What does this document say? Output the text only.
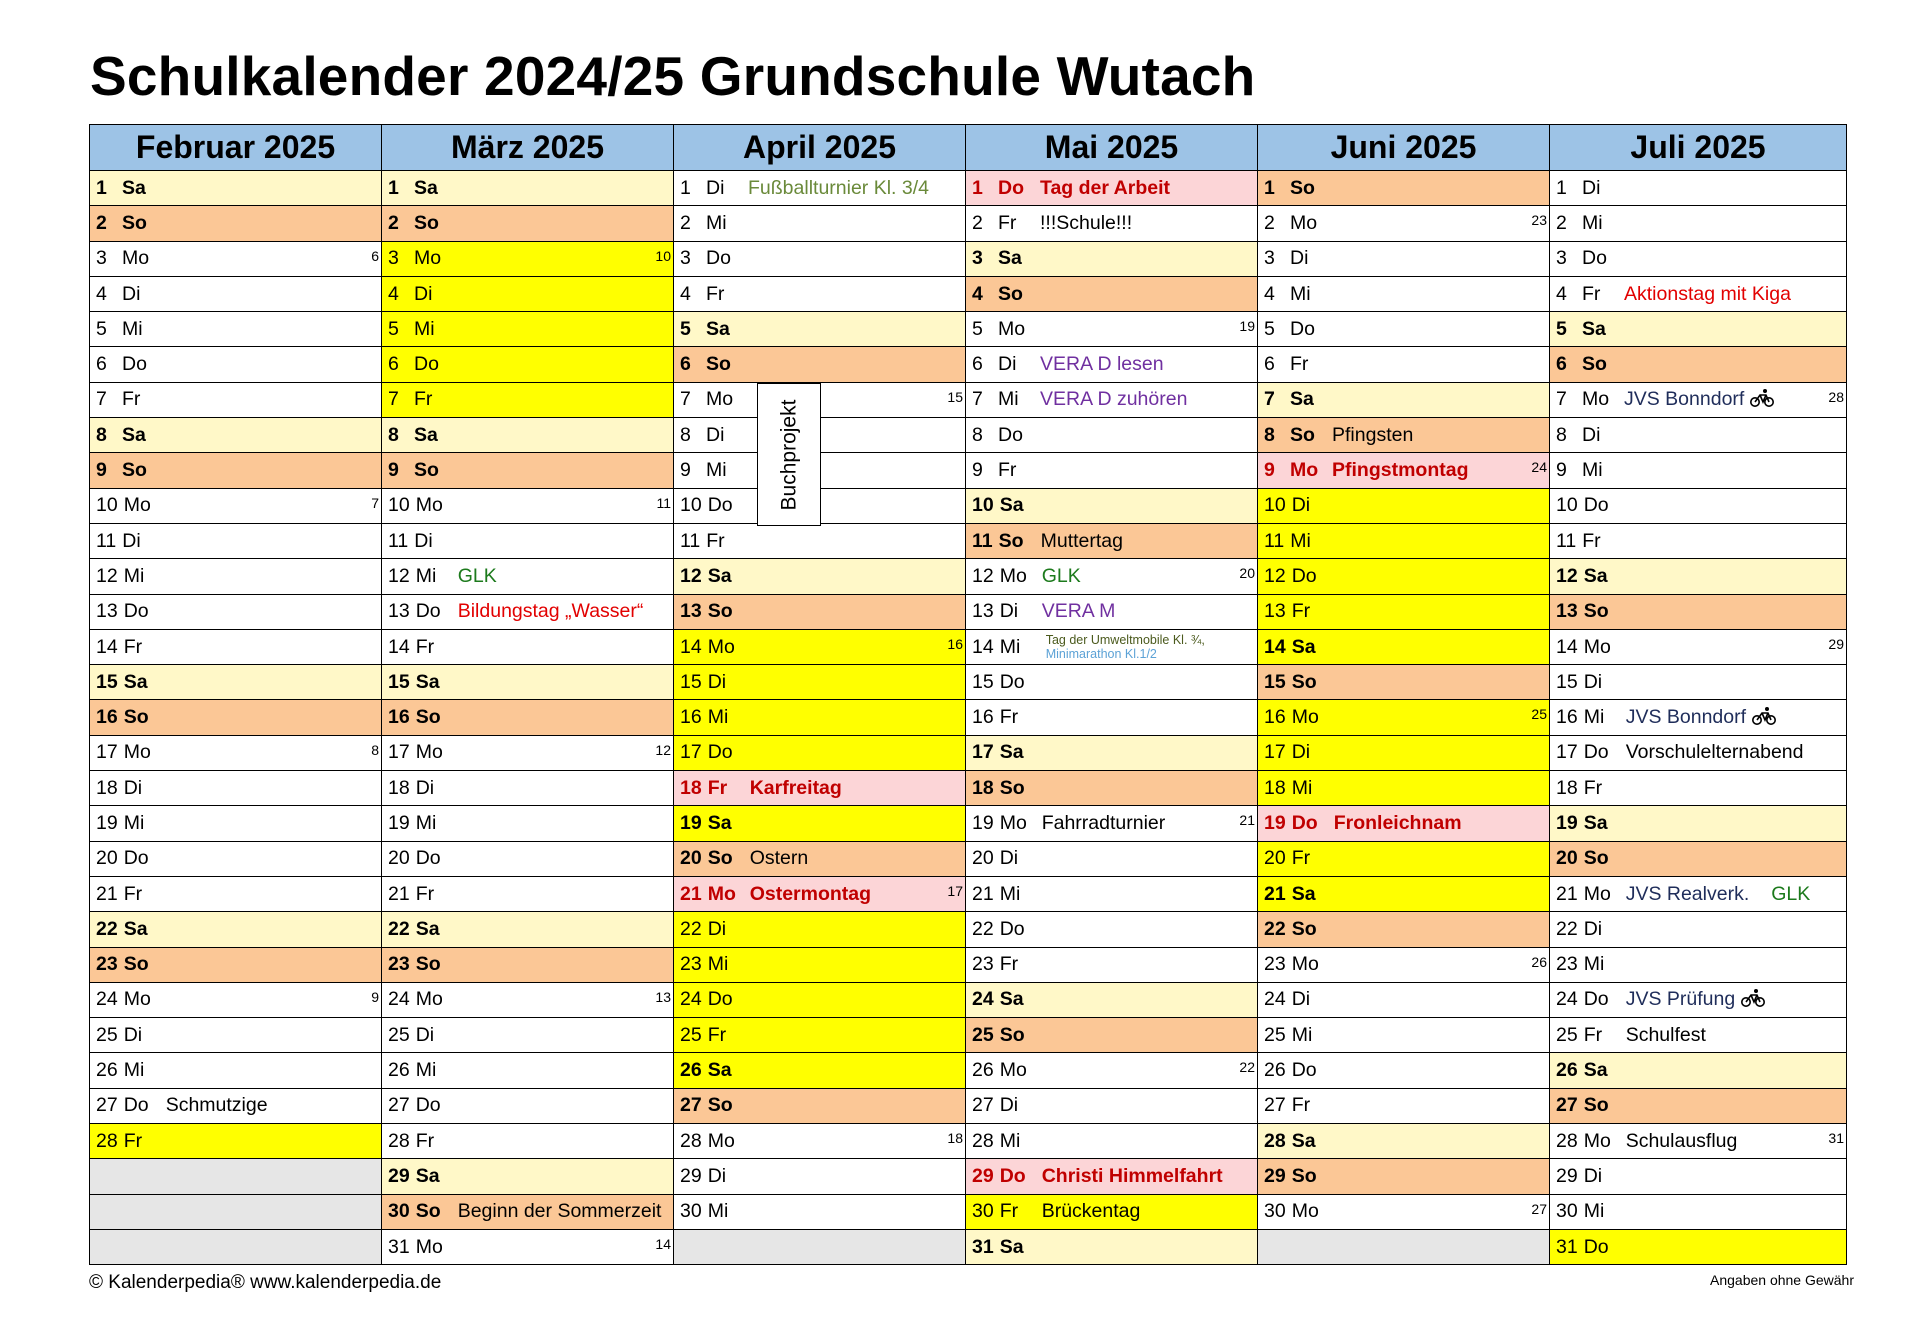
Schulkalender 2024/25 Grundschule Wutach
Februar 2025
1 Sa
2 So
3 Mo	6
4 Di
5 Mi
6 Do
7 Fr
8 Sa
9 So
10 Mo	7
11 Di
12 Mi
13 Do
14 Fr
15 Sa
16 So
17 Mo	8
18 Di
19 Mi
20 Do
21 Fr
22 Sa
23 So
24 Mo	9
25 Di
26 Mi
27 Do Schmutzige
28 Fr
März 2025
1 Sa
2 So
3 Mo	10
4 Di
5 Mi
6 Do
7 Fr
8 Sa
9 So
10 Mo	11
11 Di
12 Mi	GLK
13 Do Bildungstag „Wasser“
14 Fr
15 Sa
16 So
17 Mo	12
18 Di
19 Mi
20 Do
21 Fr
22 Sa
23 So
24 Mo	13
25 Di
26 Mi
27 Do
28 Fr
29 Sa
30 So Beginn der Sommerzeit
31 Mo	14
April 2025
1 Di	Fußballturnier Kl. 3/4
2 Mi
3 Do
4 Fr
5 Sa
6 So
7 Mo	15
8 Di
9 Mi
10 Do
11 Fr
12 Sa
13 So
14 Mo	16
15 Di
16 Mi
17 Do
18 Fr	Karfreitag
19 Sa
20 So Ostern
21 Mo Ostermontag	17
22 Di
23 Mi
24 Do
25 Fr
26 Sa
27 So
28 Mo	18
29 Di
30 Mi
Mai 2025
1 Do Tag der Arbeit
2 Fr	!!!Schule!!!
3 Sa
4 So
5 Mo	19
6 Di	VERA D lesen
7 Mi	VERA D zuhören
8 Do
9 Fr
10 Sa
11 So Muttertag
12 Mo GLK	20
13 Di	VERA M
14 Mi	Tag der Umweltmobile Kl. ¾,
Minimarathon Kl.1/2
15 Do
16 Fr
17 Sa
18 So
19 Mo Fahrradturnier	21
20 Di
21 Mi
22 Do
23 Fr
24 Sa
25 So
26 Mo	22
27 Di
28 Mi
29 Do Christi Himmelfahrt
30 Fr	Brückentag
31 Sa
Juni 2025
1 So
2 Mo	23
3 Di
4 Mi
5 Do
6 Fr
7 Sa
8 So Pfingsten
9 Mo Pfingstmontag	24
10 Di
11 Mi
12 Do
13 Fr
14 Sa
15 So
16 Mo	25
17 Di
18 Mi
19 Do Fronleichnam
20 Fr
21 Sa
22 So
23 Mo	26
24 Di
25 Mi
26 Do
27 Fr
28 Sa
29 So
30 Mo	27
Juli 2025
1 Di
2 Mi
3 Do
4 Fr	Aktionstag mit Kiga
5 Sa
6 So
7 Mo JVS Bonndorf	28
8 Di
9 Mi
10 Do
11 Fr
12 Sa
13 So
14 Mo	29
15 Di
16 Mi	JVS Bonndorf
17 Do Vorschulelternabend
18 Fr
19 Sa
20 So
21 Mo JVS Realverk. GLK
22 Di
23 Mi
24 Do JVS Prüfung
25 Fr	Schulfest
26 Sa
27 So
28 Mo Schulausflug	31
29 Di
30 Mi
31 Do
Buchprojekt
© Kalenderpedia® www.kalenderpedia.de	Angaben ohne Gewähr
